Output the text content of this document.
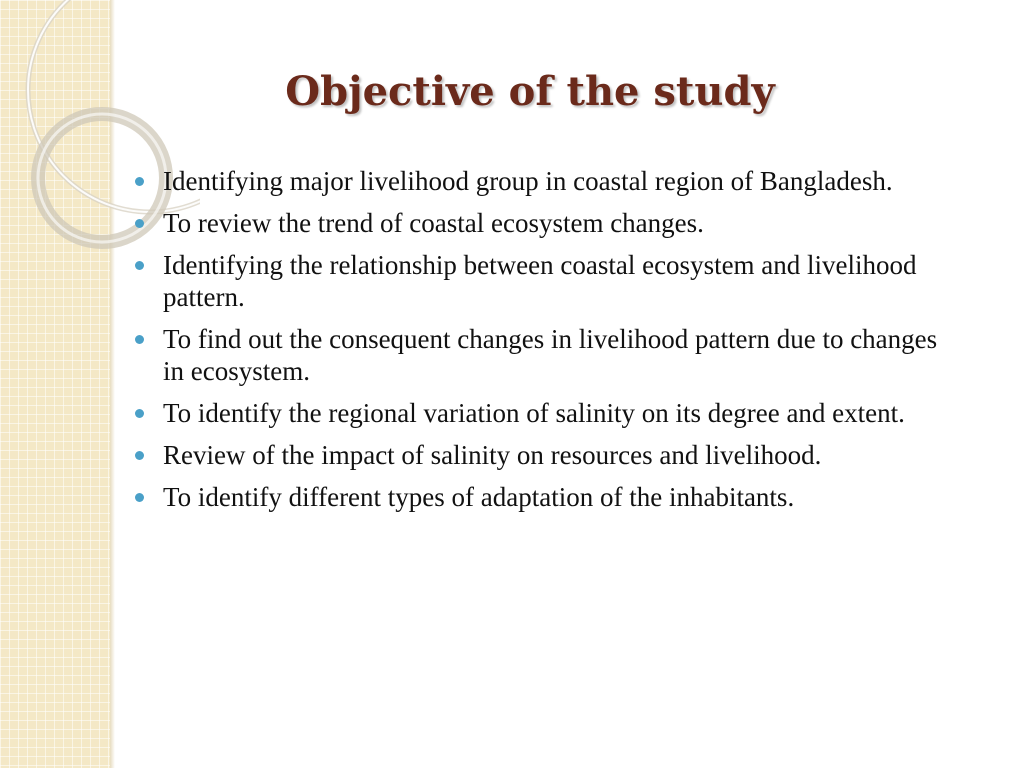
Objective of the study
Identifying major livelihood group in coastal region of Bangladesh.
To review the trend of coastal ecosystem changes.
Identifying the relationship between coastal ecosystem and livelihood pattern.
To find out the consequent changes in livelihood pattern due to changes in ecosystem.
To identify the regional variation of salinity on its degree and extent.
Review of the impact of salinity on resources and livelihood.
To identify different types of adaptation of the inhabitants.
